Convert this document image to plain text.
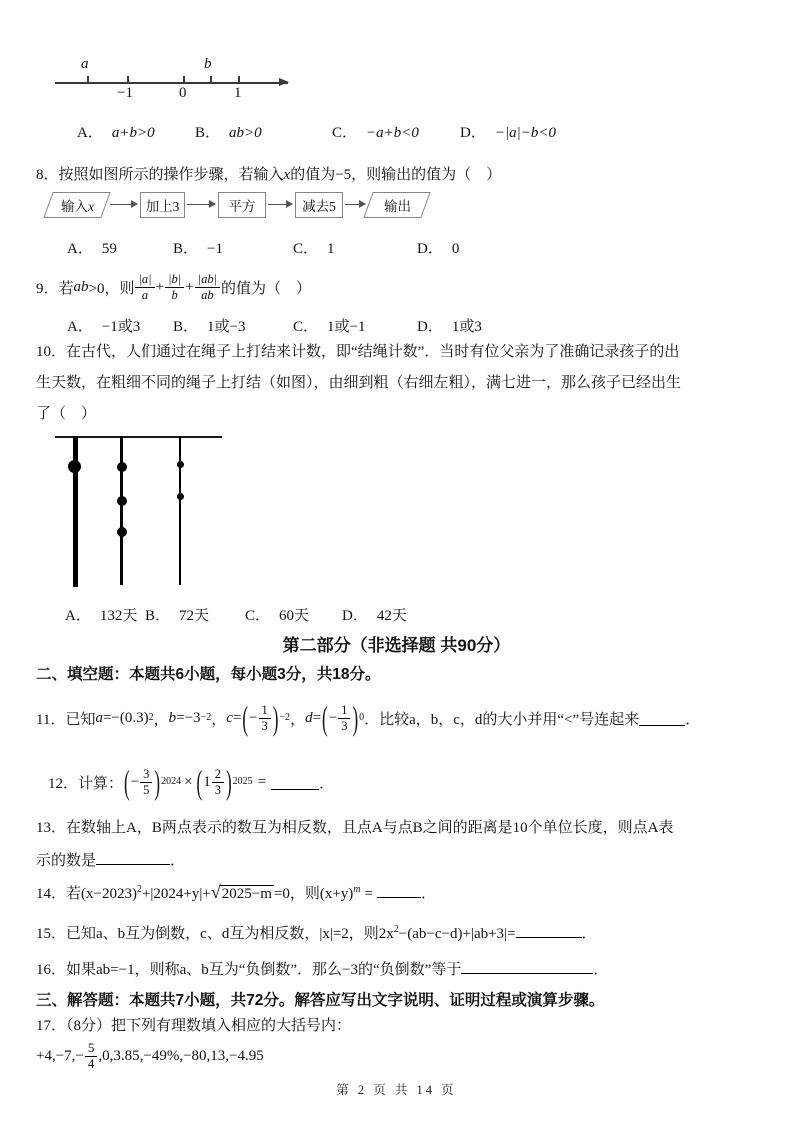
a	b
−1	0	1
A． a+b>0	B． ab>0	C． −a+b<0	D． −|a|−b<0
8．按照如图所示的操作步骤，若输入x的值为−5，则输出的值为（　）
输入 x	加上3	平方	减去5	输出
A． 59	B． −1	C． 1	D． 0
9．若 ab >0，则 $\frac{|a|}{a} + \frac{|b|}{b} + \frac{|ab|}{ab}$ 的值为（　）
A． −1或3 B． 1或−3	C． 1或−1	D． 1或3
10．在古代，人们通过在绳子上打结来计数，即“结绳计数”．当时有位父亲为了准确记录孩子的出
生天数，在粗细不同的绳子上打结（如图），由细到粗（右细左粗），满七进一，那么孩子已经出生
了（　）
A． 132天 B． 72天 C． 60天 D． 42天
第二部分（非选择题 共90分）
二、填空题：本题共6小题，每小题3分，共18分。
11．已知 a =−(0.3) 2 ， b =−3 −2 ， c = ( − $\frac{1}{3}$ ) −2 ， d = ( − $\frac{1}{3}$ ) 0 ．比较a，b，c，d的大小并用“<”号连起来	．
12．计算： ( − $\frac{3}{5}$ ) 2024 × ( $1 \frac{2}{3}$ ) 2025 =	．
13．在数轴上A，B两点表示的数互为相反数，且点A与点B之间的距离是10个单位长度，则点A表
示的数是	．
14．若$(x-2023)^2+|2024+y|+√2025-m =0$，则$(x+y)^m$ =	．
15．已知a、b互为倒数，c、d互为相反数，|x|=2，则$2x^2-(ab-c-d)+|ab+3|=$	．
16．如果ab=−1，则称a、b互为“负倒数”．那么−3的“负倒数”等于	．
三、解答题：本题共7小题，共72分。解答应写出文字说明、证明过程或演算步骤。
17．（8分）把下列有理数填入相应的大括号内：
$+4,-7,- \frac{5}{4} ,0,3.85,-49\%,-80,13,-4.95$
第 2 页 共 14 页
